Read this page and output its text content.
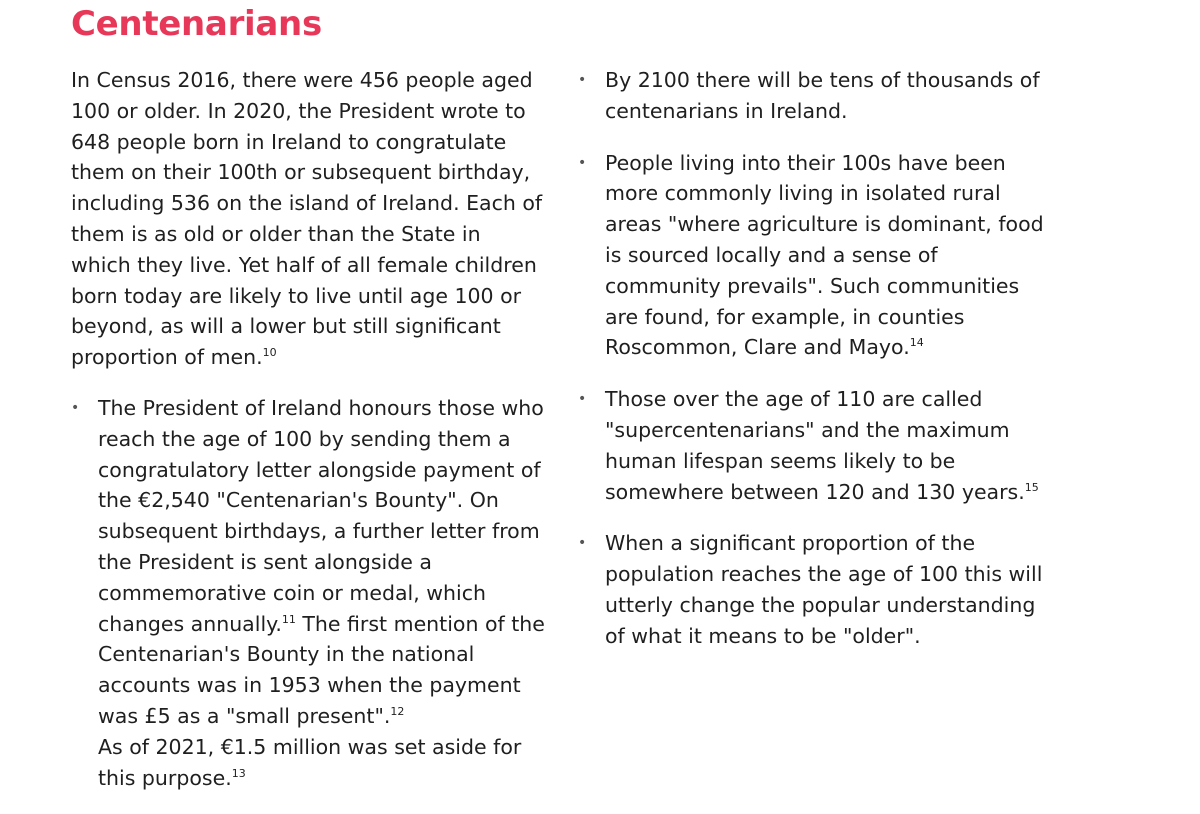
Centenarians

In Census 2016, there were 456 people aged 100 or older. In 2020, the President wrote to 648 people born in Ireland to congratulate them on their 100th or subsequent birthday, including 536 on the island of Ireland. Each of them is as old or older than the State in which they live. Yet half of all female children born today are likely to live until age 100 or beyond, as will a lower but still significant proportion of men.$^{10}$

• The President of Ireland honours those who reach the age of 100 by sending them a congratulatory letter alongside payment of the €2,540 "Centenarian's Bounty". On subsequent birthdays, a further letter from the President is sent alongside a commemorative coin or medal, which changes annually.$^{11}$ The first mention of the Centenarian's Bounty in the national accounts was in 1953 when the payment was £5 as a "small present".$^{12}$
As of 2021, €1.5 million was set aside for this purpose.$^{13}$
• By 2100 there will be tens of thousands of centenarians in Ireland.
• People living into their 100s have been more commonly living in isolated rural areas "where agriculture is dominant, food is sourced locally and a sense of community prevails". Such communities are found, for example, in counties Roscommon, Clare and Mayo.$^{14}$
• Those over the age of 110 are called "supercentenarians" and the maximum human lifespan seems likely to be somewhere between 120 and 130 years.$^{15}$
• When a significant proportion of the population reaches the age of 100 this will utterly change the popular understanding of what it means to be "older".
